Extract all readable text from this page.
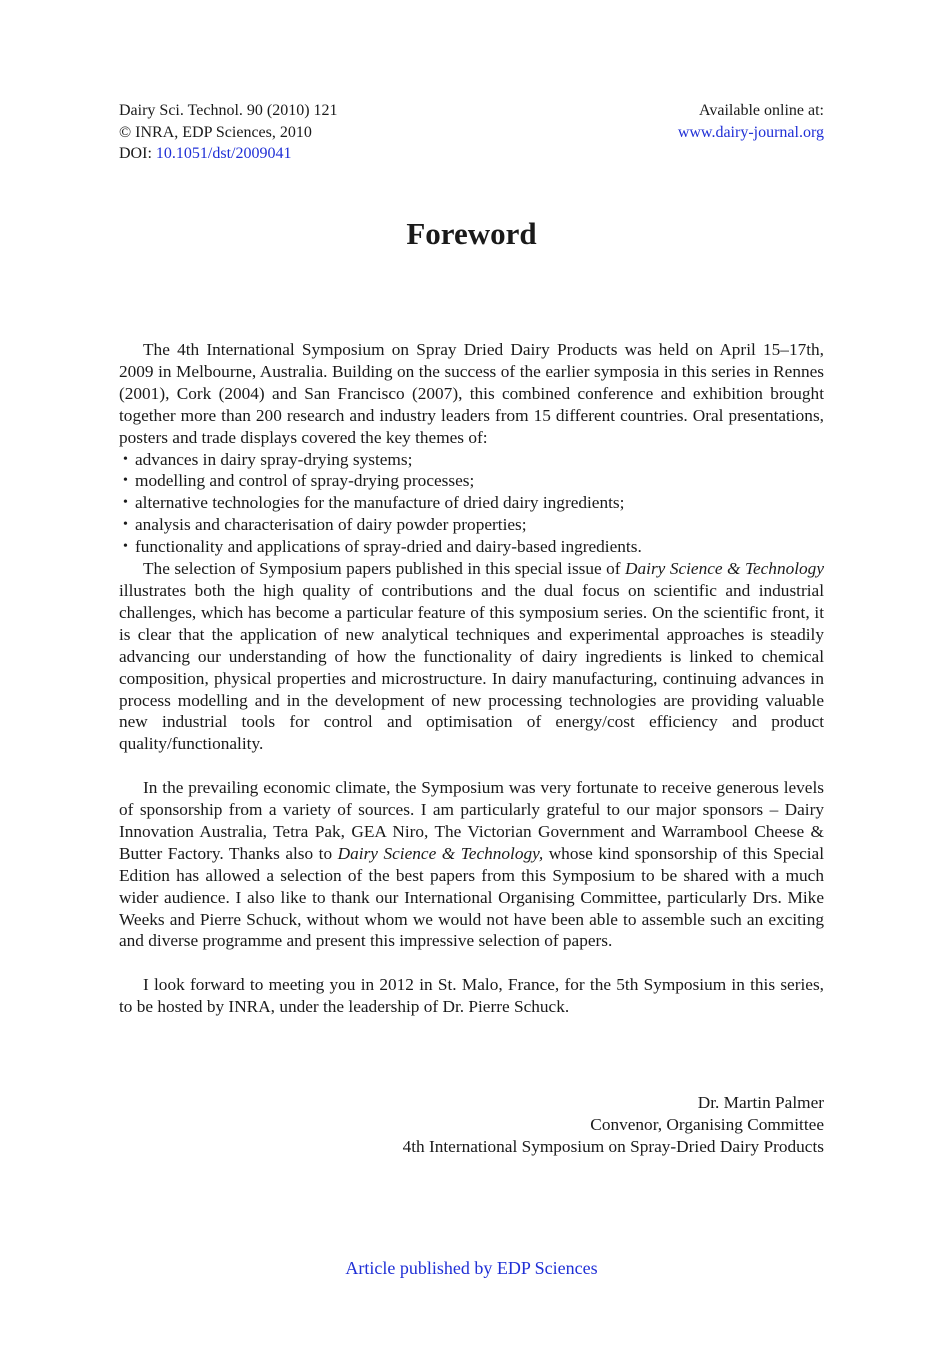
Dairy Sci. Technol. 90 (2010) 121
© INRA, EDP Sciences, 2010
DOI: 10.1051/dst/2009041
Available online at:
www.dairy-journal.org
Foreword

The 4th International Symposium on Spray Dried Dairy Products was held on April 15–17th, 2009 in Melbourne, Australia. Building on the success of the earlier symposia in this series in Rennes (2001), Cork (2004) and San Francisco (2007), this combined conference and exhibition brought together more than 200 research and industry leaders from 15 different countries. Oral presentations, posters and trade displays covered the key themes of:

• advances in dairy spray-drying systems;
• modelling and control of spray-drying processes;
• alternative technologies for the manufacture of dried dairy ingredients;
• analysis and characterisation of dairy powder properties;
• functionality and applications of spray-dried and dairy-based ingredients.

The selection of Symposium papers published in this special issue of Dairy Science & Technology illustrates both the high quality of contributions and the dual focus on scientific and industrial challenges, which has become a particular feature of this symposium series. On the scientific front, it is clear that the application of new analytical techniques and experimental approaches is steadily advancing our understanding of how the functionality of dairy ingredients is linked to chemical composition, physical properties and microstructure. In dairy manufacturing, continuing advances in process modelling and in the development of new processing technologies are providing valuable new industrial tools for control and optimisation of energy/cost efficiency and product quality/functionality.

In the prevailing economic climate, the Symposium was very fortunate to receive generous levels of sponsorship from a variety of sources. I am particularly grateful to our major sponsors – Dairy Innovation Australia, Tetra Pak, GEA Niro, The Victorian Government and Warrambool Cheese & Butter Factory. Thanks also to Dairy Science & Technology, whose kind sponsorship of this Special Edition has allowed a selection of the best papers from this Symposium to be shared with a much wider audience. I also like to thank our International Organising Committee, particularly Drs. Mike Weeks and Pierre Schuck, without whom we would not have been able to assemble such an exciting and diverse programme and present this impressive selection of papers.

I look forward to meeting you in 2012 in St. Malo, France, for the 5th Symposium in this series, to be hosted by INRA, under the leadership of Dr. Pierre Schuck.

Dr. Martin Palmer
Convenor, Organising Committee
4th International Symposium on Spray-Dried Dairy Products
Article published by EDP Sciences
